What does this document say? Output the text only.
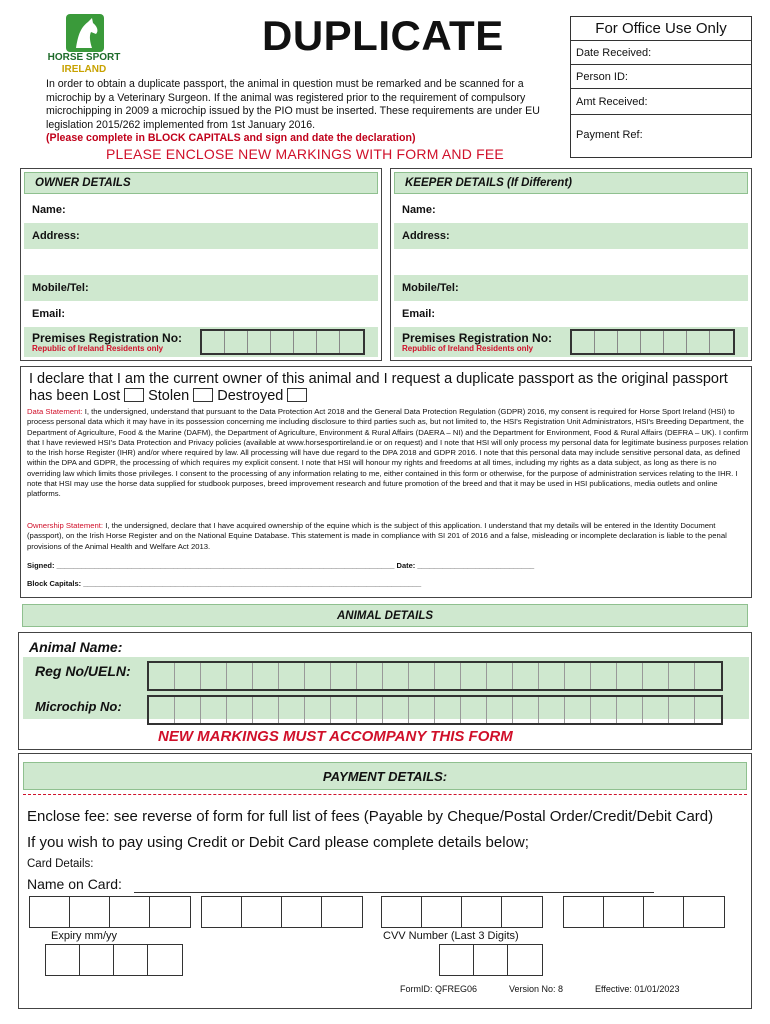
HORSE SPORT
IRELAND
DUPLICATE
In order to obtain a duplicate passport, the animal in question must be remarked and be scanned for a microchip by a Veterinary Surgeon. If the animal was registered prior to the requirement of compulsory microchipping in 2009 a microchip issued by the PIO must be inserted. These requirements are under EU legislation 2015/262 implemented from 1st January 2016.
(Please complete in BLOCK CAPITALS and sign and date the declaration)
PLEASE ENCLOSE NEW MARKINGS WITH FORM AND FEE
For Office Use Only
Date Received:
Person ID:
Amt Received:
Payment Ref:
OWNER DETAILS
Name:
Address:
Mobile/Tel:
Email:
Premises Registration No:
Republic of Ireland Residents only
KEEPER DETAILS (If Different)
Name:
Address:
Mobile/Tel:
Email:
Premises Registration No:
Republic of Ireland Residents only
I declare that I am the current owner of this animal and I request a duplicate passport as the original passport has been Lost Stolen Destroyed
Data Statement: I, the undersigned, understand that pursuant to the Data Protection Act 2018 and the General Data Protection Regulation (GDPR) 2016, my consent is required for Horse Sport Ireland (HSI) to process personal data which it may have in its possession concerning me including disclosure to third parties such as, but not limited to, the HSI's Registration Unit Administrators, HSI's Breeding Department, the Department of Agriculture, Food & the Marine (DAFM), the Department of Agriculture, Environment & Rural Affairs (DAERA – NI) and the Department for Environment, Food & Rural Affairs (DEFRA – UK). I confirm that I have reviewed HSI's Data Protection and Privacy policies (available at www.horsesportireland.ie or on request) and I note that HSI will only process my personal data for legitimate business purposes relation to the Irish horse Register (IHR) and/or where required by law. All processing will have due regard to the DPA 2018 and GDPR 2016. I note that this personal data may include sensitive personal data, as defined within the DPA and GDPR, the processing of which requires my explicit consent. I note that HSI will honour my rights and freedoms at all times, including my rights as a data subject, as long as there is no overriding law which limits those privileges. I consent to the processing of any information relating to me, either contained in this form or otherwise, for the purpose of administration services relating to the IHR. I note that HSI may use the horse data supplied for studbook purposes, breed improvement research and future promotion of the breed and that it may be used in HSI publications, media outlets and online platforms.
Ownership Statement: I, the undersigned, declare that I have acquired ownership of the equine which is the subject of this application. I understand that my details will be entered in the Identity Document (passport), on the Irish Horse Register and on the National Equine Database. This statement is made in compliance with SI 201 of 2016 and a false, misleading or incomplete declaration is liable to the penal provisions of the Animal Health and Welfare Act 2013.
Signed: _________________________________________________________________________________ Date: ____________________________
Block Capitals: _________________________________________________________________________________
ANIMAL DETAILS
Animal Name:
Reg No/UELN:
Microchip No:
NEW MARKINGS MUST ACCOMPANY THIS FORM
PAYMENT DETAILS:
Enclose fee: see reverse of form for full list of fees (Payable by Cheque/Postal Order/Credit/Debit Card)
If you wish to pay using Credit or Debit Card please complete details below;
Card Details:
Name on Card:
Expiry mm/yy	CVV Number (Last 3 Digits)
FormID: QFREG06	Version No: 8	Effective: 01/01/2023
